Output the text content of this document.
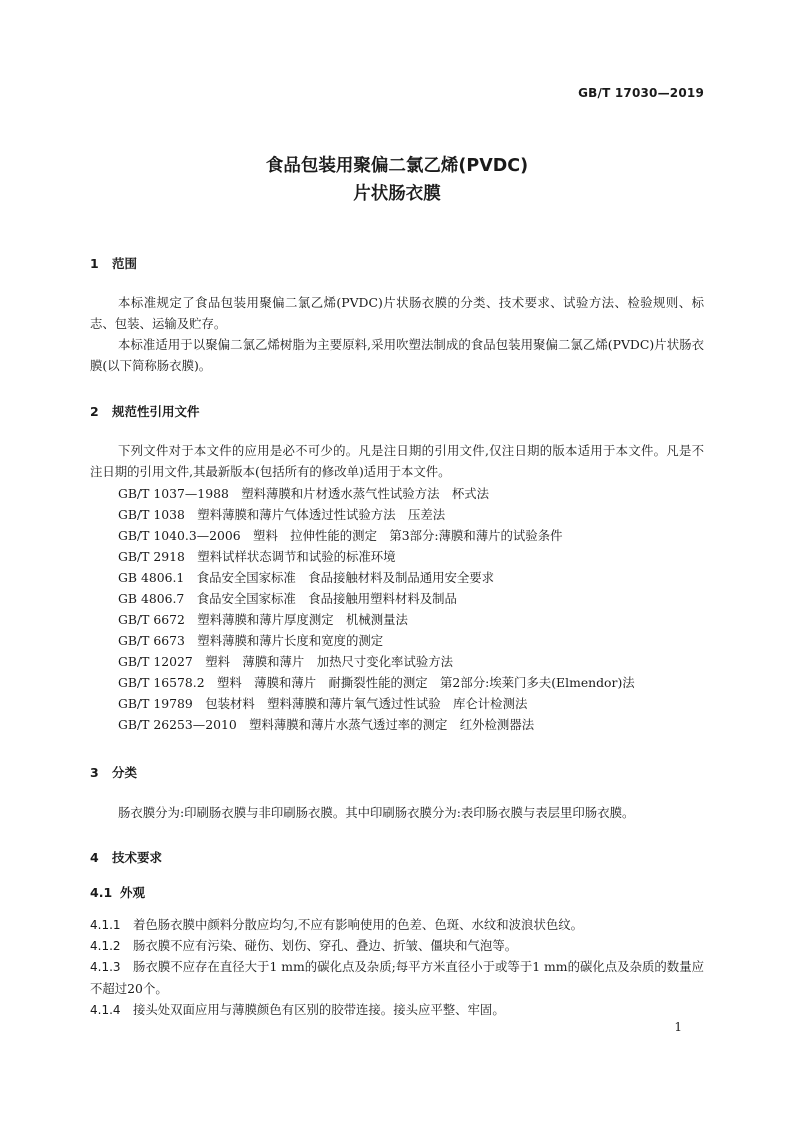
GB/T 17030—2019
食品包装用聚偏二氯乙烯(PVDC)
片状肠衣膜
1 范围
本标准规定了食品包装用聚偏二氯乙烯(PVDC)片状肠衣膜的分类、技术要求、试验方法、检验规则、标志、包装、运输及贮存。
本标准适用于以聚偏二氯乙烯树脂为主要原料,采用吹塑法制成的食品包装用聚偏二氯乙烯(PVDC)片状肠衣膜(以下简称肠衣膜)。
2 规范性引用文件
下列文件对于本文件的应用是必不可少的。凡是注日期的引用文件,仅注日期的版本适用于本文件。凡是不注日期的引用文件,其最新版本(包括所有的修改单)适用于本文件。
GB/T 1037—1988　塑料薄膜和片材透水蒸气性试验方法　杯式法
GB/T 1038　塑料薄膜和薄片气体透过性试验方法　压差法
GB/T 1040.3—2006　塑料　拉伸性能的测定　第3部分:薄膜和薄片的试验条件
GB/T 2918　塑料试样状态调节和试验的标准环境
GB 4806.1　食品安全国家标准　食品接触材料及制品通用安全要求
GB 4806.7　食品安全国家标准　食品接触用塑料材料及制品
GB/T 6672　塑料薄膜和薄片厚度测定　机械测量法
GB/T 6673　塑料薄膜和薄片长度和宽度的测定
GB/T 12027　塑料　薄膜和薄片　加热尺寸变化率试验方法
GB/T 16578.2　塑料　薄膜和薄片　耐撕裂性能的测定　第2部分:埃莱门多夫(Elmendor)法
GB/T 19789　包装材料　塑料薄膜和薄片氧气透过性试验　库仑计检测法
GB/T 26253—2010　塑料薄膜和薄片水蒸气透过率的测定　红外检测器法
3 分类
肠衣膜分为:印刷肠衣膜与非印刷肠衣膜。其中印刷肠衣膜分为:表印肠衣膜与表层里印肠衣膜。
4 技术要求
4.1 外观
4.1.1 着色肠衣膜中颜料分散应均匀,不应有影响使用的色差、色斑、水纹和波浪状色纹。
4.1.2 肠衣膜不应有污染、碰伤、划伤、穿孔、叠边、折皱、僵块和气泡等。
4.1.3 肠衣膜不应存在直径大于1 mm的碳化点及杂质;每平方米直径小于或等于1 mm的碳化点及杂质的数量应不超过20个。
4.1.4 接头处双面应用与薄膜颜色有区别的胶带连接。接头应平整、牢固。
1
